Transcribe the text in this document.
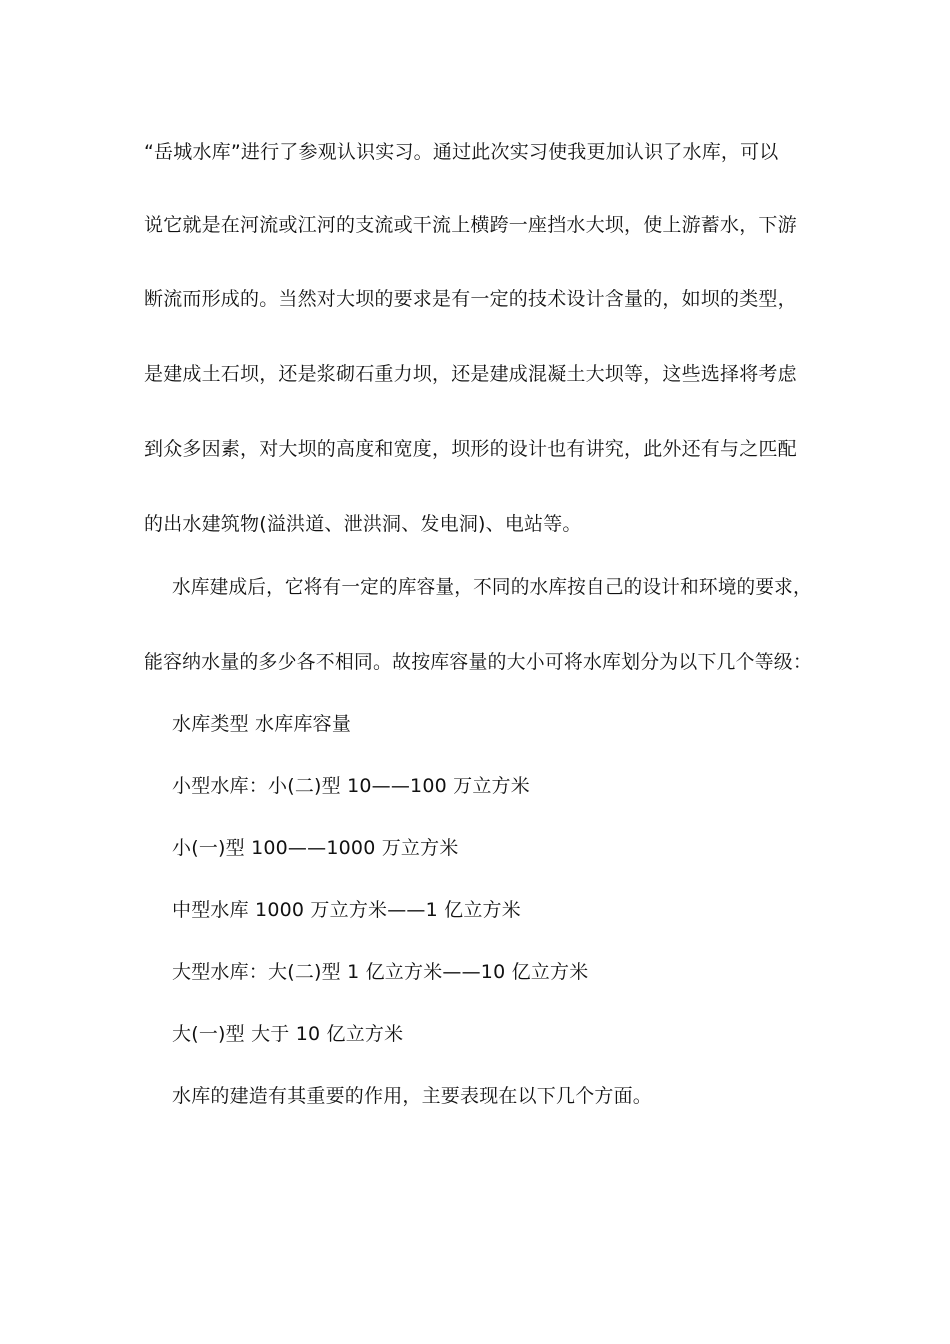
“岳城水库”进行了参观认识实习。通过此次实习使我更加认识了水库，可以
说它就是在河流或江河的支流或干流上横跨一座挡水大坝，使上游蓄水，下游
断流而形成的。当然对大坝的要求是有一定的技术设计含量的，如坝的类型，
是建成土石坝，还是浆砌石重力坝，还是建成混凝土大坝等，这些选择将考虑
到众多因素，对大坝的高度和宽度，坝形的设计也有讲究，此外还有与之匹配
的出水建筑物(溢洪道、泄洪洞、发电洞)、电站等。
水库建成后，它将有一定的库容量，不同的水库按自己的设计和环境的要求，
能容纳水量的多少各不相同。故按库容量的大小可将水库划分为以下几个等级：
水库类型 水库库容量
小型水库：小(二)型 10——100 万立方米
小(一)型 100——1000 万立方米
中型水库 1000 万立方米——1 亿立方米
大型水库：大(二)型 1 亿立方米——10 亿立方米
大(一)型 大于 10 亿立方米
水库的建造有其重要的作用，主要表现在以下几个方面。
